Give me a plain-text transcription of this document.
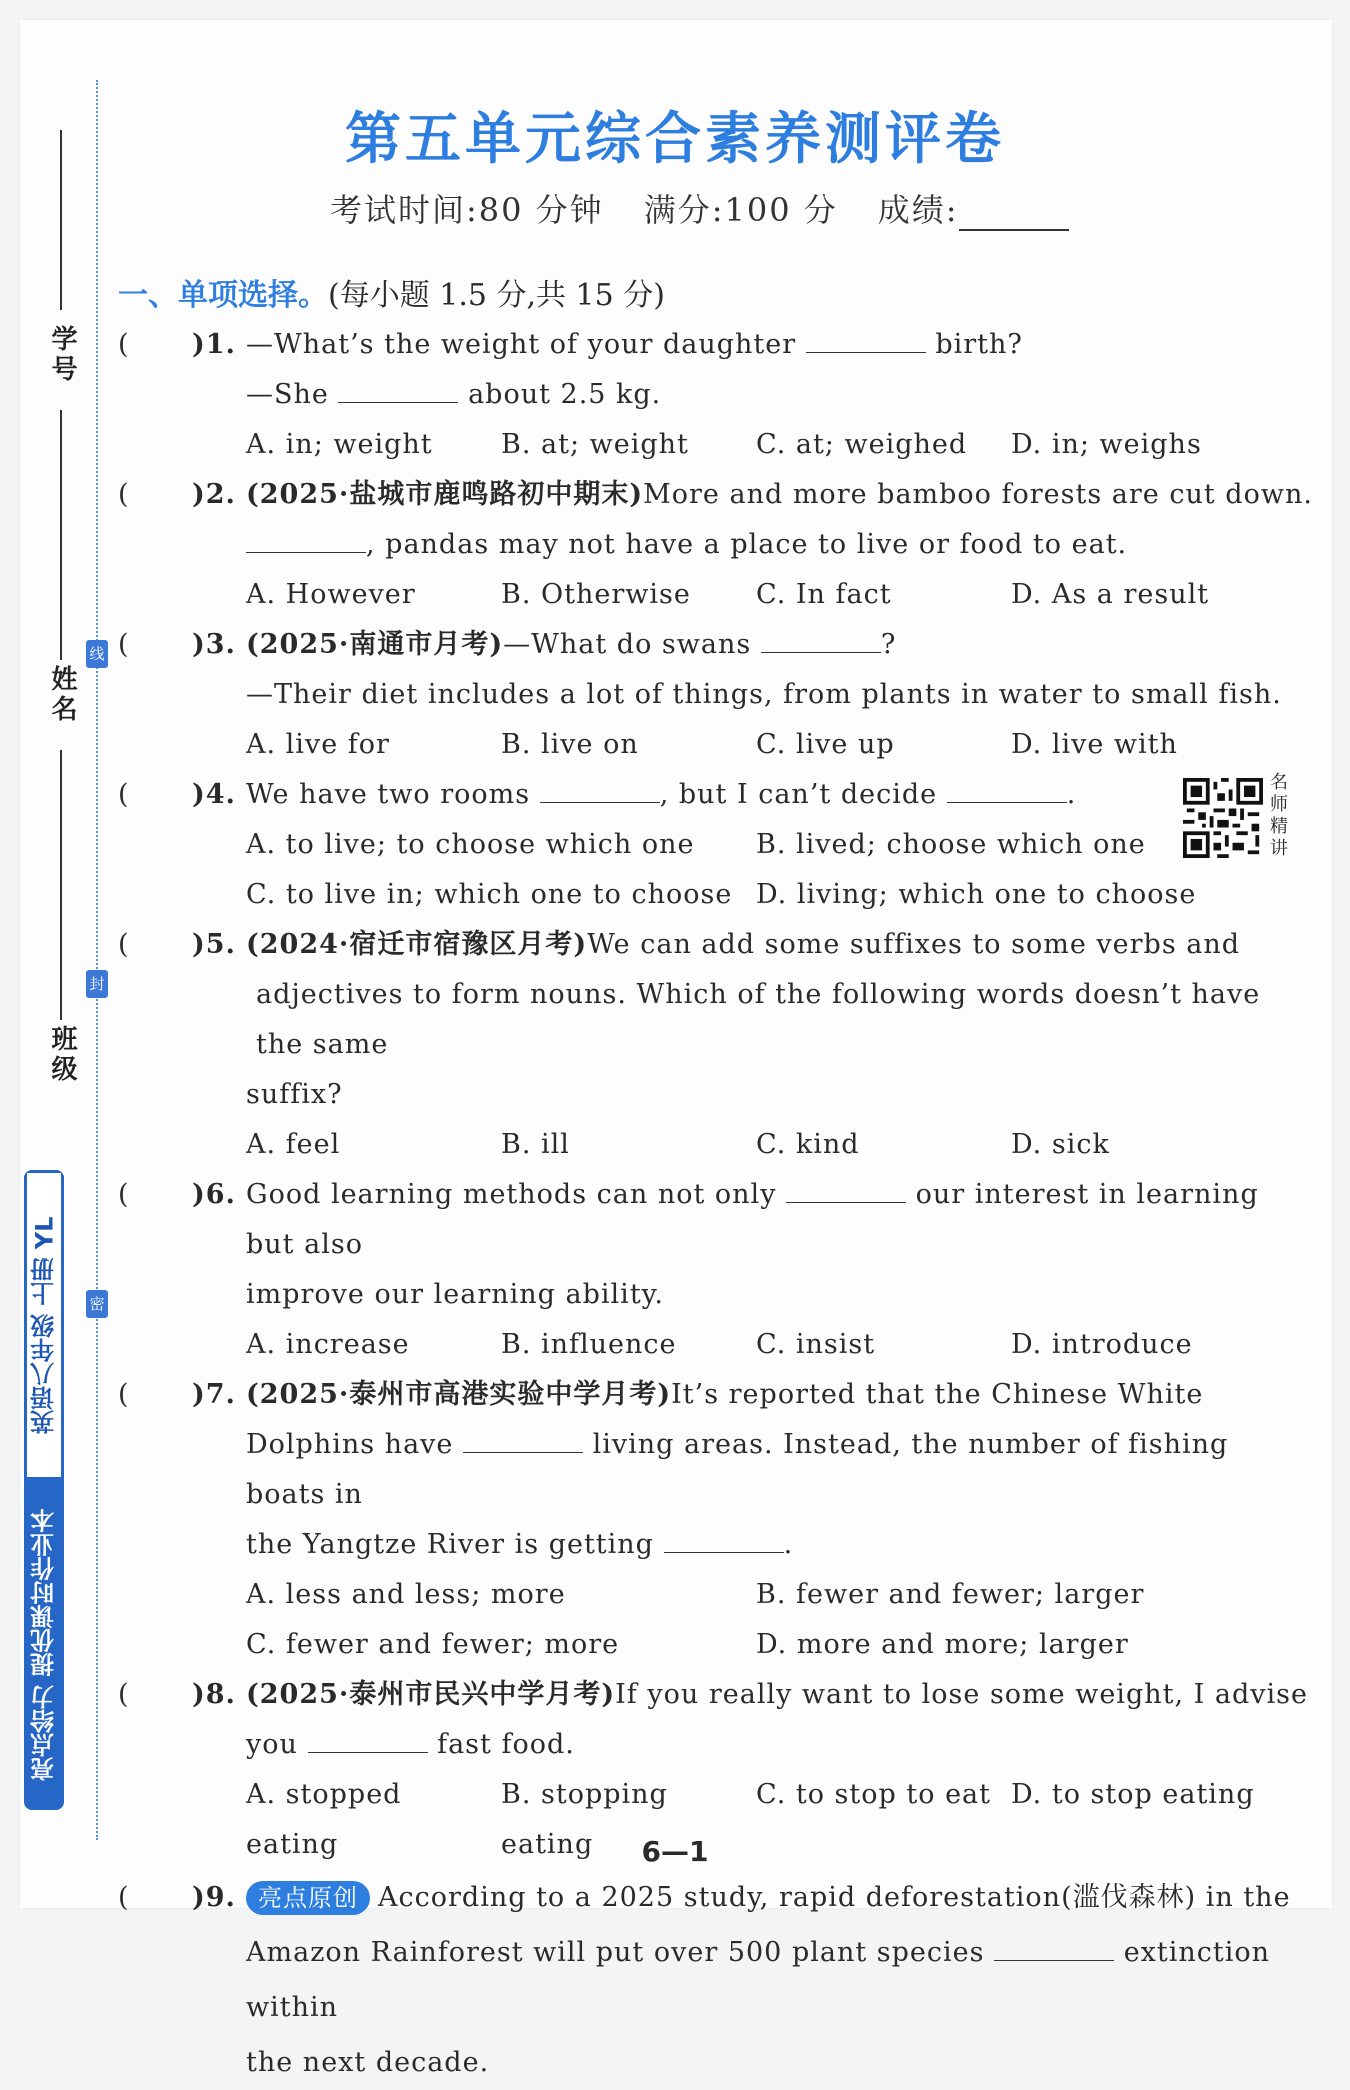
学号
姓名
班级
线
封
密
英语八年级 上册 YL
亮点给力 提优课时作业本
第五单元综合素养测评卷
考试时间:80 分钟 满分:100 分 成绩:
一、单项选择。(每小题 1.5 分,共 15 分)
( )1. —What’s the weight of your daughter	birth?
—She	about 2.5 kg.
A. in; weight	B. at; weight	C. at; weighed	D. in; weighs
( )2. (2025·盐城市鹿鸣路初中期末)More and more bamboo forests are cut down.
, pandas may not have a place to live or food to eat.
A. However	B. Otherwise	C. In fact	D. As a result
( )3. (2025·南通市月考)—What do swans	?
—Their diet includes a lot of things, from plants in water to small fish.
A. live for	B. live on	C. live up	D. live with
( )4. We have two rooms	, but I can’t decide	.
A. to live; to choose which one	B. lived; choose which one
C. to live in; which one to choose D. living; which one to choose
( )5. (2024·宿迁市宿豫区月考)We can add some suffixes to some verbs and
adjectives to form nouns. Which of the following words doesn’t have the same
suffix?
A. feel	B. ill	C. kind	D. sick
( )6. Good learning methods can not only	our interest in learning but also
improve our learning ability.
A. increase	B. influence	C. insist	D. introduce
( )7. (2025·泰州市高港实验中学月考)It’s reported that the Chinese White
Dolphins have	living areas. Instead, the number of fishing boats in
the Yangtze River is getting	.
A. less and less; more	B. fewer and fewer; larger
C. fewer and fewer; more	D. more and more; larger
( )8. (2025·泰州市民兴中学月考)If you really want to lose some weight, I advise
you	fast food.
A. stopped eating
B. stopping eating
C. to stop to eat D. to stop eating
( )9. 亮点原创 According to a 2025 study, rapid deforestation(滥伐森林) in the
Amazon Rainforest will put over 500 plant species	extinction within
the next decade.
名
师
精
讲
6—1
